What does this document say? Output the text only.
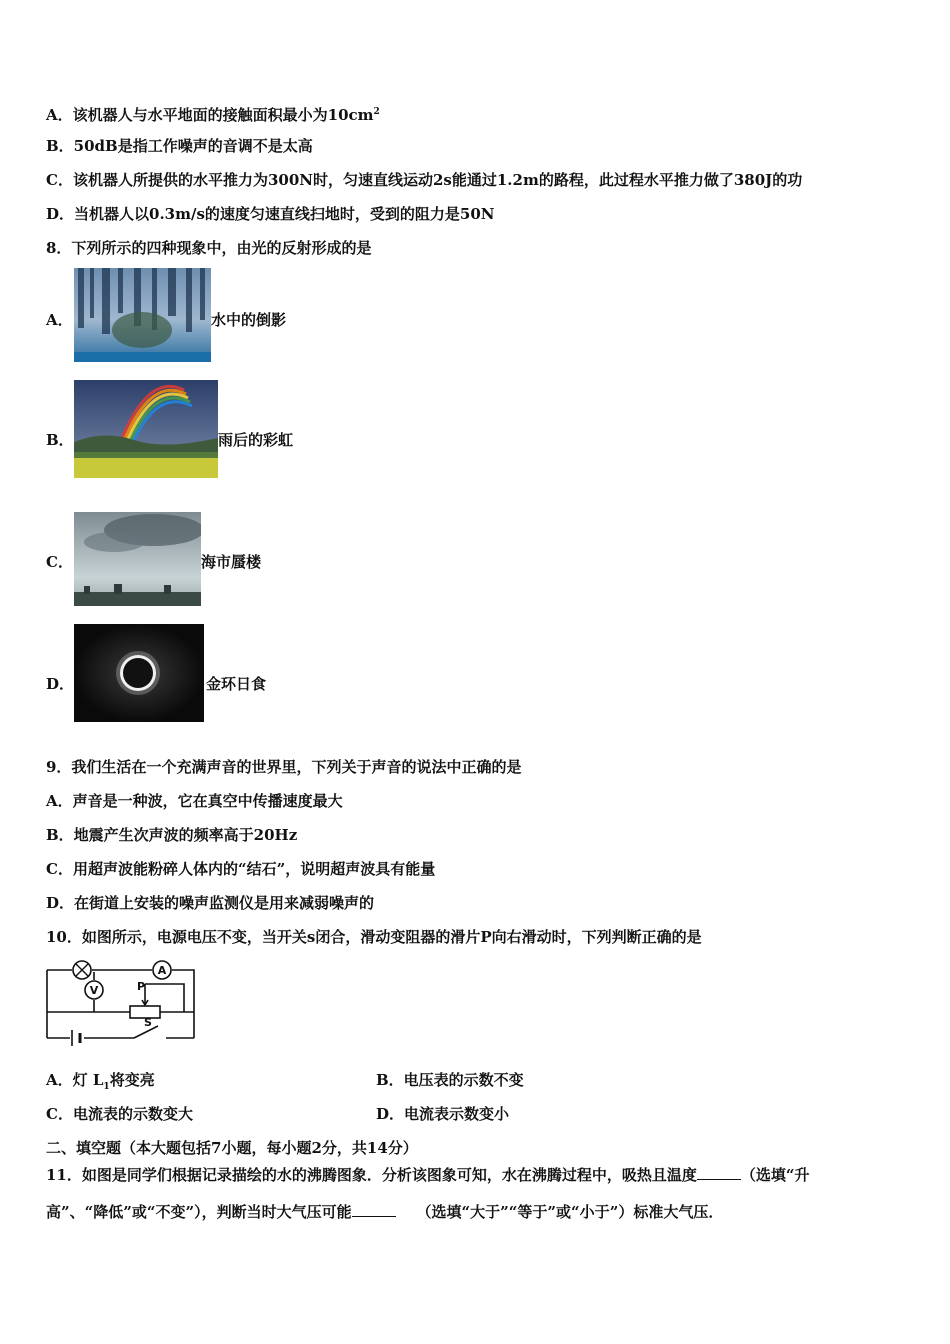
A．该机器人与水平地面的接触面积最小为$10cm^2$
B．50dB是指工作噪声的音调不是太高
C．该机器人所提供的水平推力为300N时，匀速直线运动2s能通过1.2m的路程，此过程水平推力做了380J的功
D．当机器人以0.3m/s的速度匀速直线扫地时，受到的阻力是50N
8．下列所示的四种现象中，由光的反射形成的是
A．	水中的倒影
B．	雨后的彩虹
C．	海市蜃楼
D．	金环日食
9．我们生活在一个充满声音的世界里，下列关于声音的说法中正确的是
A．声音是一种波，它在真空中传播速度最大
B．地震产生次声波的频率高于20Hz
C．用超声波能粉碎人体内的“结石”，说明超声波具有能量
D．在街道上安装的噪声监测仪是用来减弱噪声的
10．如图所示，电源电压不变，当开关s闭合，滑动变阻器的滑片P向右滑动时，下列判断正确的是
A
V	P
S
A．灯 $L_1$将变亮	B．电压表的示数不变
C．电流表的示数变大	D．电流表示数变小
二、填空题（本大题包括7小题，每小题2分，共14分）
11．如图是同学们根据记录描绘的水的沸腾图象．分析该图象可知，水在沸腾过程中，吸热且温度	（选填“升
高”、“降低”或“不变”），判断当时大气压可能	（选填“大于”“等于”或“小于”）标准大气压．
